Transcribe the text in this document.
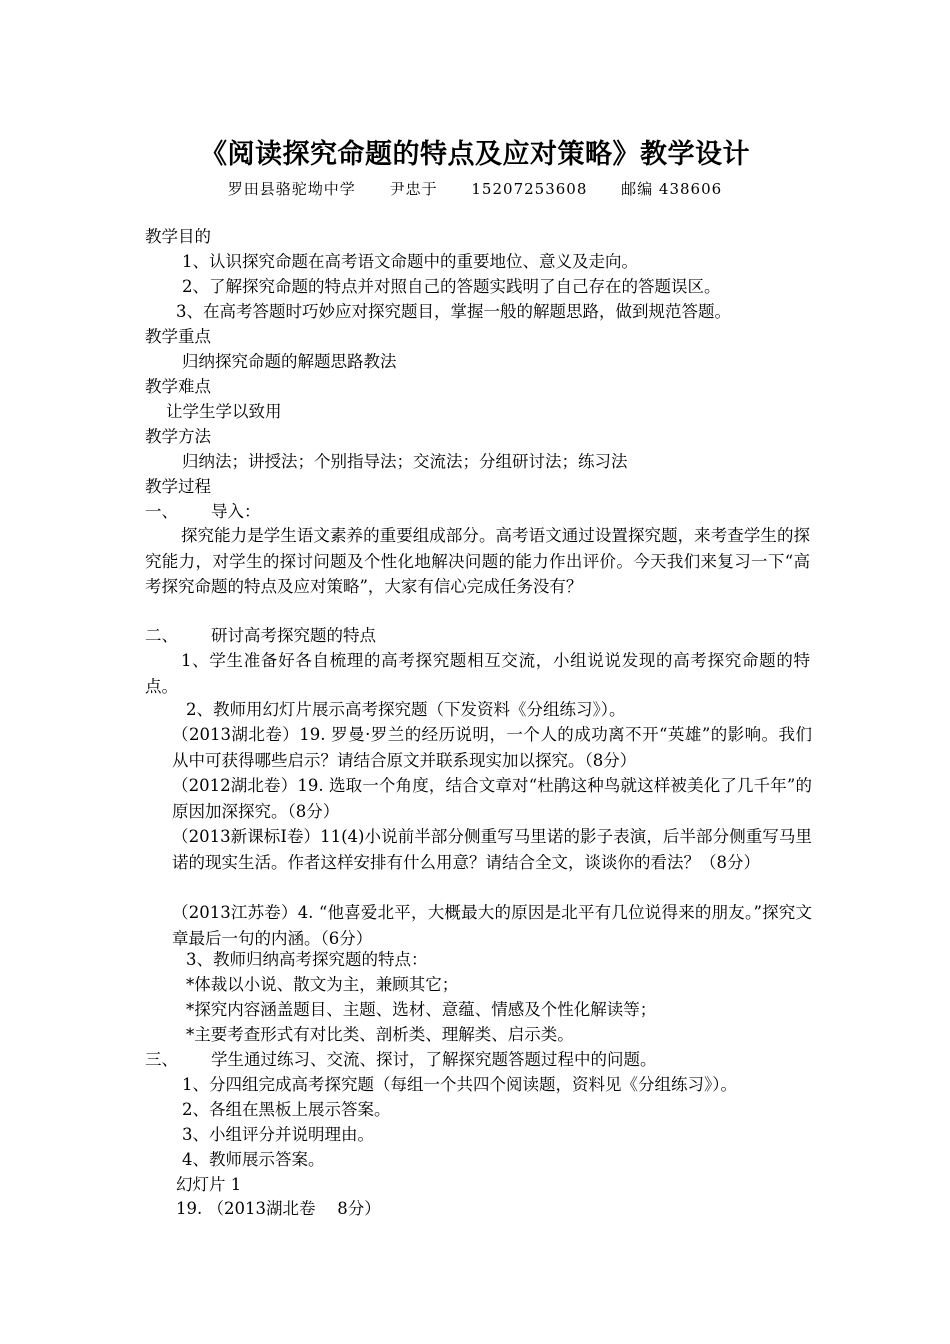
《阅读探究命题的特点及应对策略》教学设计
罗田县骆驼坳中学 尹忠于 15207253608 邮编 438606
教学目的
1、认识探究命题在高考语文命题中的重要地位、意义及走向。
2、了解探究命题的特点并对照自己的答题实践明了自己存在的答题误区。
3、在高考答题时巧妙应对探究题目，掌握一般的解题思路，做到规范答题。
教学重点
归纳探究命题的解题思路教法
教学难点
让学生学以致用
教学方法
归纳法；讲授法；个别指导法；交流法；分组研讨法；练习法
教学过程
一、 导入：
探究能力是学生语文素养的重要组成部分。高考语文通过设置探究题，来考查学生的探究能力，对学生的探讨问题及个性化地解决问题的能力作出评价。今天我们来复习一下“高考探究命题的特点及应对策略”，大家有信心完成任务没有？
二、 研讨高考探究题的特点
1、学生准备好各自梳理的高考探究题相互交流，小组说说发现的高考探究命题的特点。
2、教师用幻灯片展示高考探究题（下发资料《分组练习》）。
（2013湖北卷）19. 罗曼·罗兰的经历说明，一个人的成功离不开“英雄”的影响。我们从中可获得哪些启示？请结合原文并联系现实加以探究。（8分）
（2012湖北卷）19. 选取一个角度，结合文章对“杜鹃这种鸟就这样被美化了几千年”的原因加深探究。（8分）
（2013新课标Ⅰ卷）11(4)小说前半部分侧重写马里诺的影子表演，后半部分侧重写马里诺的现实生活。作者这样安排有什么用意？请结合全文，谈谈你的看法？（8分）
（2013江苏卷）4. “他喜爱北平，大概最大的原因是北平有几位说得来的朋友。”探究文章最后一句的内涵。（6分）
3、教师归纳高考探究题的特点：
*体裁以小说、散文为主，兼顾其它；
*探究内容涵盖题目、主题、选材、意蕴、情感及个性化解读等；
*主要考查形式有对比类、剖析类、理解类、启示类。
三、 学生通过练习、交流、探讨，了解探究题答题过程中的问题。
1、分四组完成高考探究题（每组一个共四个阅读题，资料见《分组练习》）。
2、各组在黑板上展示答案。
3、小组评分并说明理由。
4、教师展示答案。
幻灯片 1
19. （2013湖北卷　 8分）
